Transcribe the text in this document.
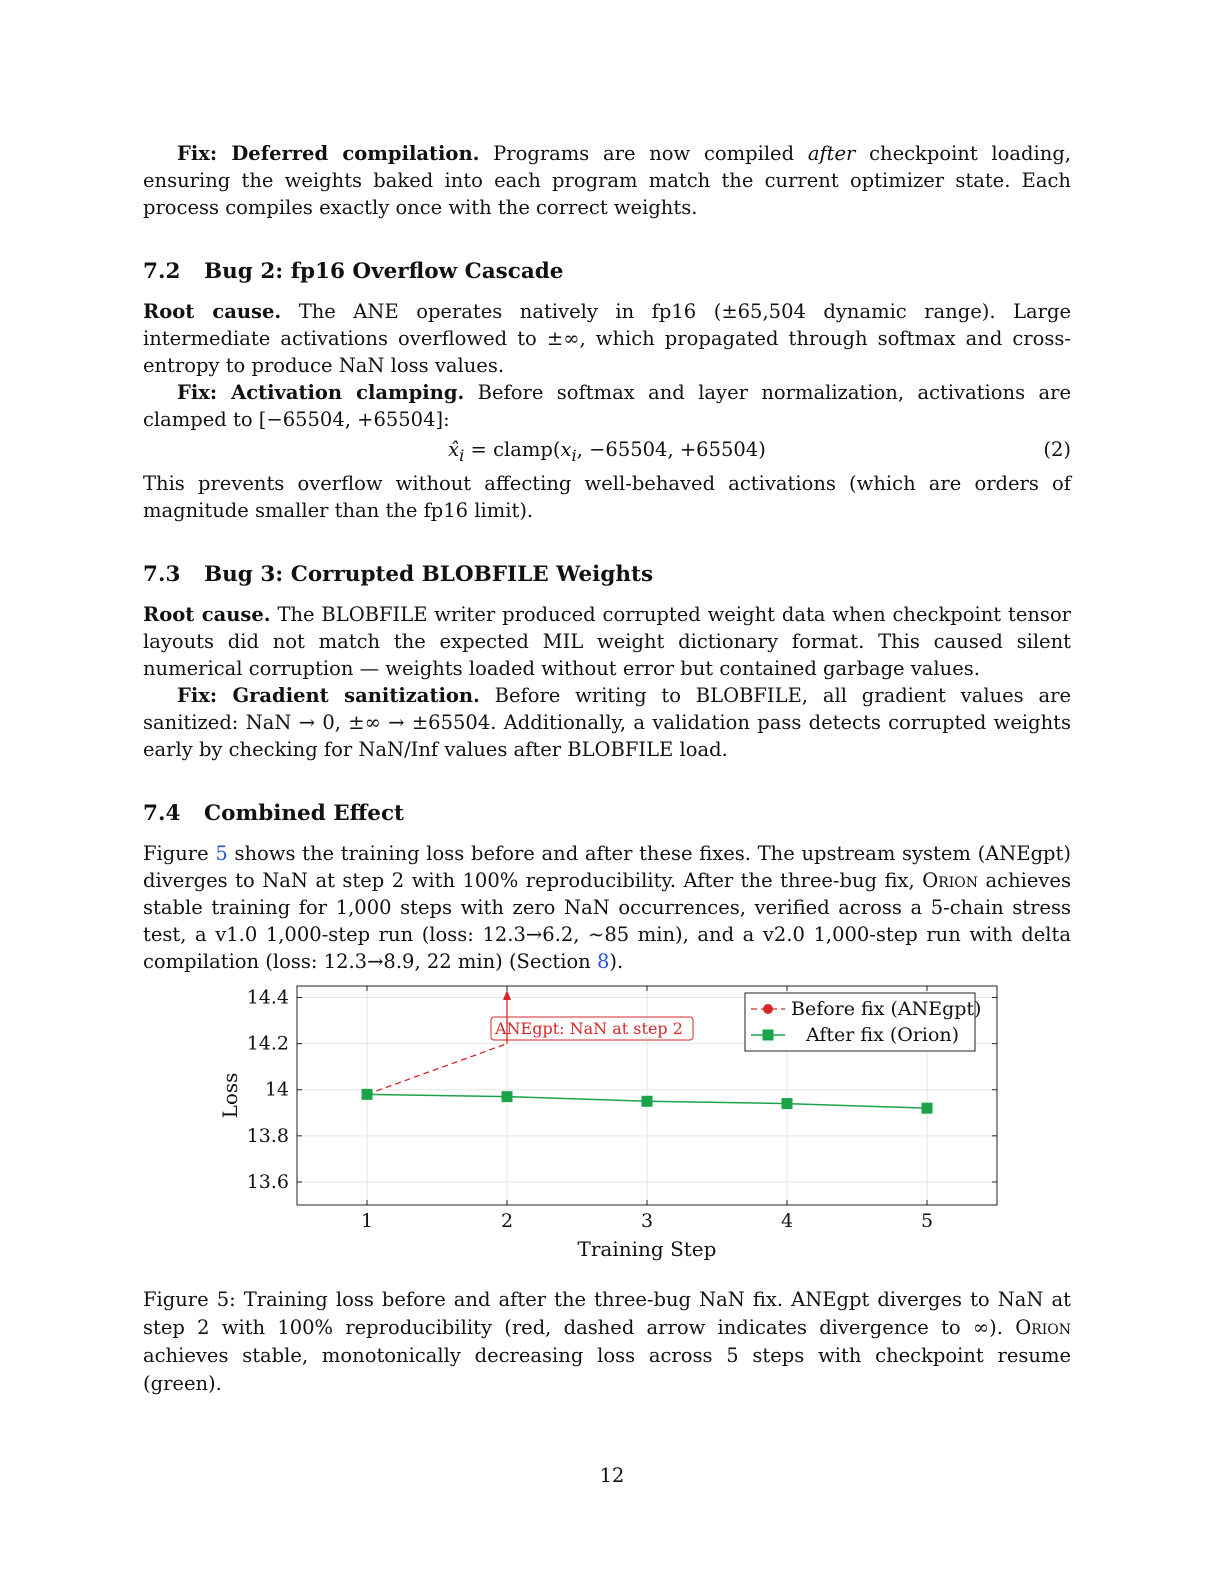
Fix: Deferred compilation. Programs are now compiled after checkpoint loading, ensuring the weights baked into each program match the current optimizer state. Each process compiles exactly once with the correct weights.

7.2 Bug 2: fp16 Overflow Cascade

Root cause. The ANE operates natively in fp16 (±65,504 dynamic range). Large intermediate activations overflowed to ±∞, which propagated through softmax and cross-entropy to produce NaN loss values.

Fix: Activation clamping. Before softmax and layer normalization, activations are clamped to [−65504, +65504]:

$x̂_i$ = $clamp(x_i$, −65504, +65504)	(2)

This prevents overflow without affecting well-behaved activations (which are orders of magnitude smaller than the fp16 limit).

7.3 Bug 3: Corrupted BLOBFILE Weights

Root cause. The BLOBFILE writer produced corrupted weight data when checkpoint tensor layouts did not match the expected MIL weight dictionary format. This caused silent numerical corruption — weights loaded without error but contained garbage values.

Fix: Gradient sanitization. Before writing to BLOBFILE, all gradient values are sanitized: NaN → 0, ±∞ → ±65504. Additionally, a validation pass detects corrupted weights early by checking for NaN/Inf values after BLOBFILE load.

7.4 Combined Effect

Figure 5 shows the training loss before and after these fixes. The upstream system (ANEgpt) diverges to NaN at step 2 with 100% reproducibility. After the three-bug fix, Orion achieves stable training for 1,000 steps with zero NaN occurrences, verified across a 5-chain stress test, a v1.0 1,000-step run (loss: 12.3→6.2, ∼85 min), and a v2.0 1,000-step run with delta compilation (loss: 12.3→8.9, 22 min) (Section 8).

1	2	3	4	5
13.6
13.8
14
14.2
14.4
Training Step
Loss
ANEgpt: NaN at step 2
Before fix (ANEgpt)
After fix (Orion)

Figure 5: Training loss before and after the three-bug NaN fix. ANEgpt diverges to NaN at step 2 with 100% reproducibility (red, dashed arrow indicates divergence to ∞). Orion achieves stable, monotonically decreasing loss across 5 steps with checkpoint resume (green).

12
